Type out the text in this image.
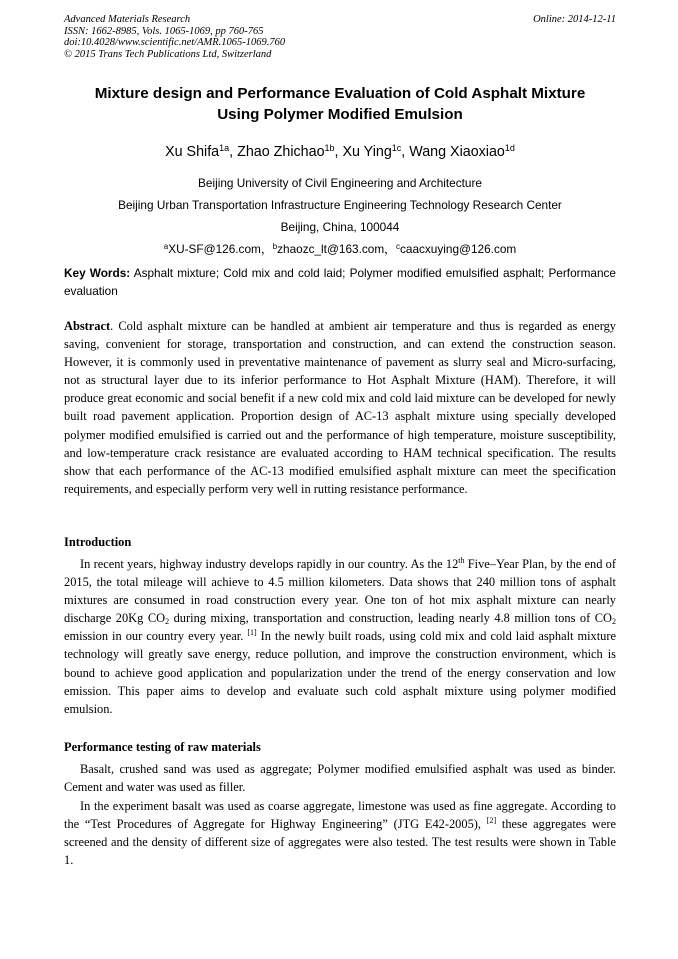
Advanced Materials Research
ISSN: 1662-8985, Vols. 1065-1069, pp 760-765
doi:10.4028/www.scientific.net/AMR.1065-1069.760
© 2015 Trans Tech Publications Ltd, Switzerland
Online: 2014-12-11
Mixture design and Performance Evaluation of Cold Asphalt Mixture
Using Polymer Modified Emulsion
Xu Shifa$^{1a}$, Zhao Zhichao$^{1b}$, Xu Ying$^{1c}$, Wang Xiaoxiao$^{1d}$
Beijing University of Civil Engineering and Architecture
Beijing Urban Transportation Infrastructure Engineering Technology Research Center
Beijing, China, 100044
$^a$XU-SF@126.com，$^b$zhaozc_lt@163.com，$^c$caacxuying@126.com
Key Words: Asphalt mixture; Cold mix and cold laid; Polymer modified emulsified asphalt; Performance evaluation
Abstract. Cold asphalt mixture can be handled at ambient air temperature and thus is regarded as energy saving, convenient for storage, transportation and construction, and can extend the construction season. However, it is commonly used in preventative maintenance of pavement as slurry seal and Micro-surfacing, not as structural layer due to its inferior performance to Hot Asphalt Mixture (HAM). Therefore, it will produce great economic and social benefit if a new cold mix and cold laid mixture can be developed for newly built road pavement application. Proportion design of AC-13 asphalt mixture using specially developed polymer modified emulsified is carried out and the performance of high temperature, moisture susceptibility, and low-temperature crack resistance are evaluated according to HAM technical specification. The results show that each performance of the AC-13 modified emulsified asphalt mixture can meet the specification requirements, and especially perform very well in rutting resistance performance.
Introduction
In recent years, highway industry develops rapidly in our country. As the 12th Five–Year Plan, by the end of 2015, the total mileage will achieve to 4.5 million kilometers. Data shows that 240 million tons of asphalt mixtures are consumed in road construction every year. One ton of hot mix asphalt mixture can nearly discharge 20Kg $CO_2$ during mixing, transportation and construction, leading nearly 4.8 million tons of $CO_2$ emission in our country every year. [1] In the newly built roads, using cold mix and cold laid asphalt mixture technology will greatly save energy, reduce pollution, and improve the construction environment, which is bound to achieve good application and popularization under the trend of the energy conservation and low emission. This paper aims to develop and evaluate such cold asphalt mixture using polymer modified emulsion.
Performance testing of raw materials
Basalt, crushed sand was used as aggregate; Polymer modified emulsified asphalt was used as binder. Cement and water was used as filler.
In the experiment basalt was used as coarse aggregate, limestone was used as fine aggregate. According to the “Test Procedures of Aggregate for Highway Engineering” (JTG E42-2005), [2] these aggregates were screened and the density of different size of aggregates were also tested. The test results were shown in Table 1.
